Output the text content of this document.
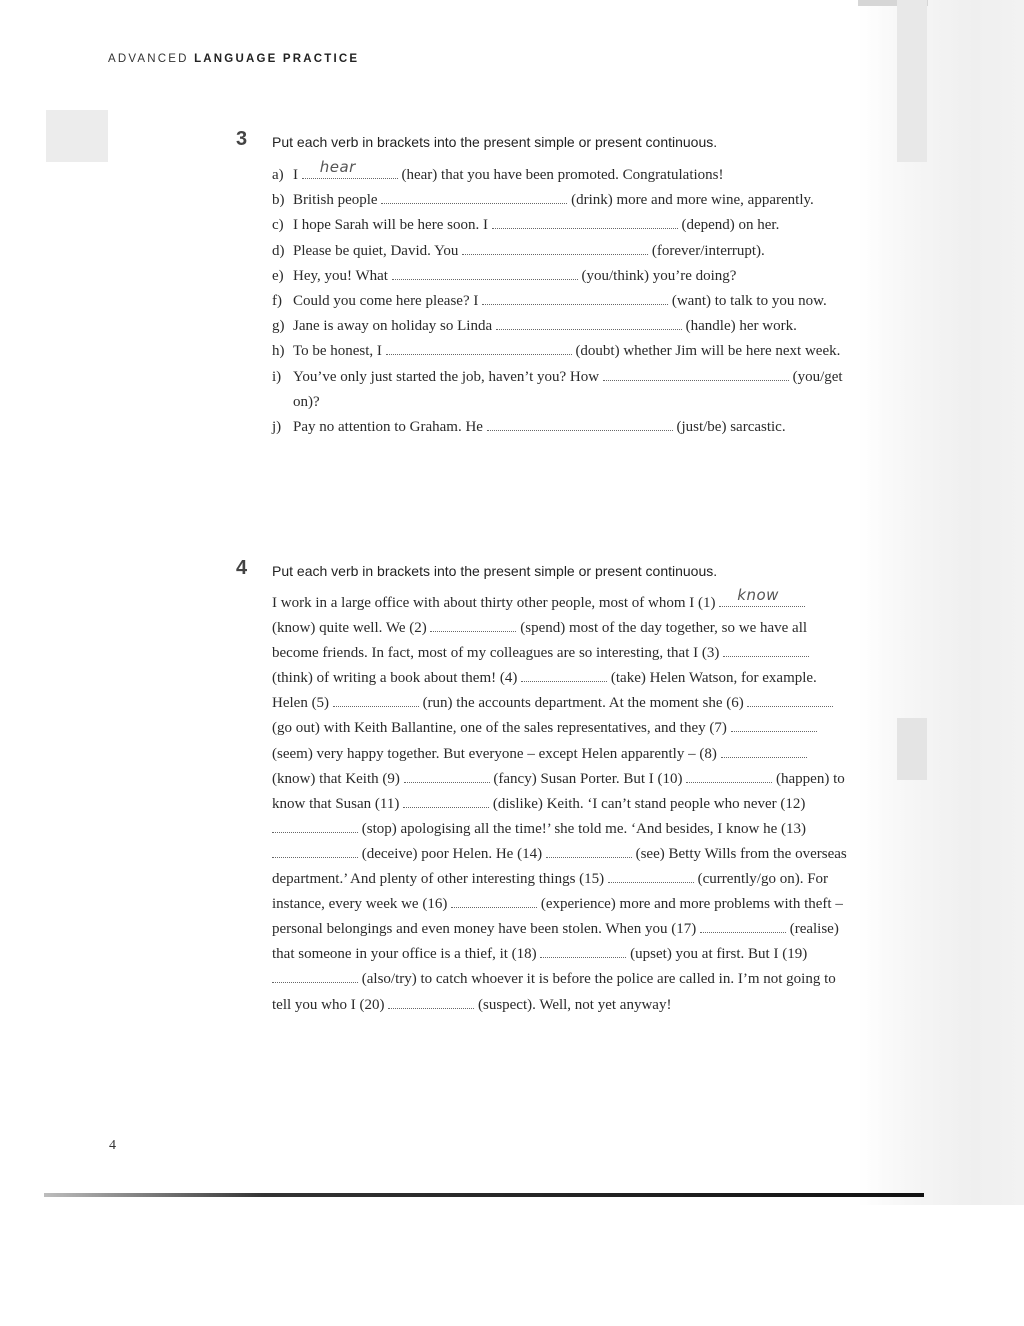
ADVANCED LANGUAGE PRACTICE
3 Put each verb in brackets into the present simple or present continuous.
a) I hear	(hear) that you have been promoted. Congratulations!
b) British people	(drink) more and more wine, apparently.
c) I hope Sarah will be here soon. I	(depend) on her.
d) Please be quiet, David. You	(forever/interrupt).
e) Hey, you! What	(you/think) you’re doing?
f) Could you come here please? I	(want) to talk to you now.
g) Jane is away on holiday so Linda	(handle) her work.
h) To be honest, I	(doubt) whether Jim will be here next week.
i) You’ve only just started the job, haven’t you? How	(you/get on)?
j) Pay no attention to Graham. He	(just/be) sarcastic.
4 Put each verb in brackets into the present simple or present continuous.
I work in a large office with about thirty other people, most of whom I (1) know
(know) quite well. We (2)	(spend) most of the day together, so we have all become friends. In fact, most of my colleagues are so interesting, that I (3)  (think) of writing a book about them! (4)	(take) Helen Watson, for example. Helen (5)	(run) the accounts department. At the moment she (6)  (go out) with Keith Ballantine, one of the sales representatives, and they (7)  (seem) very happy together. But everyone – except Helen apparently – (8)  (know) that Keith (9)	(fancy) Susan Porter. But I (10)	(happen) to know that Susan (11)	(dislike) Keith. ‘I can’t stand people who never (12)  (stop) apologising all the time!’ she told me. ‘And besides, I know he (13)  (deceive) poor Helen. He (14)	(see) Betty Wills from the overseas department.’ And plenty of other interesting things (15)	(currently/go on). For instance, every week we (16)	(experience) more and more problems with theft – personal belongings and even money have been stolen. When you (17)	(realise) that someone in your office is a thief, it (18)	(upset) you at first. But I (19)  (also/try) to catch whoever it is before the police are called in. I’m not going to tell you who I (20)	(suspect). Well, not yet anyway!
4
